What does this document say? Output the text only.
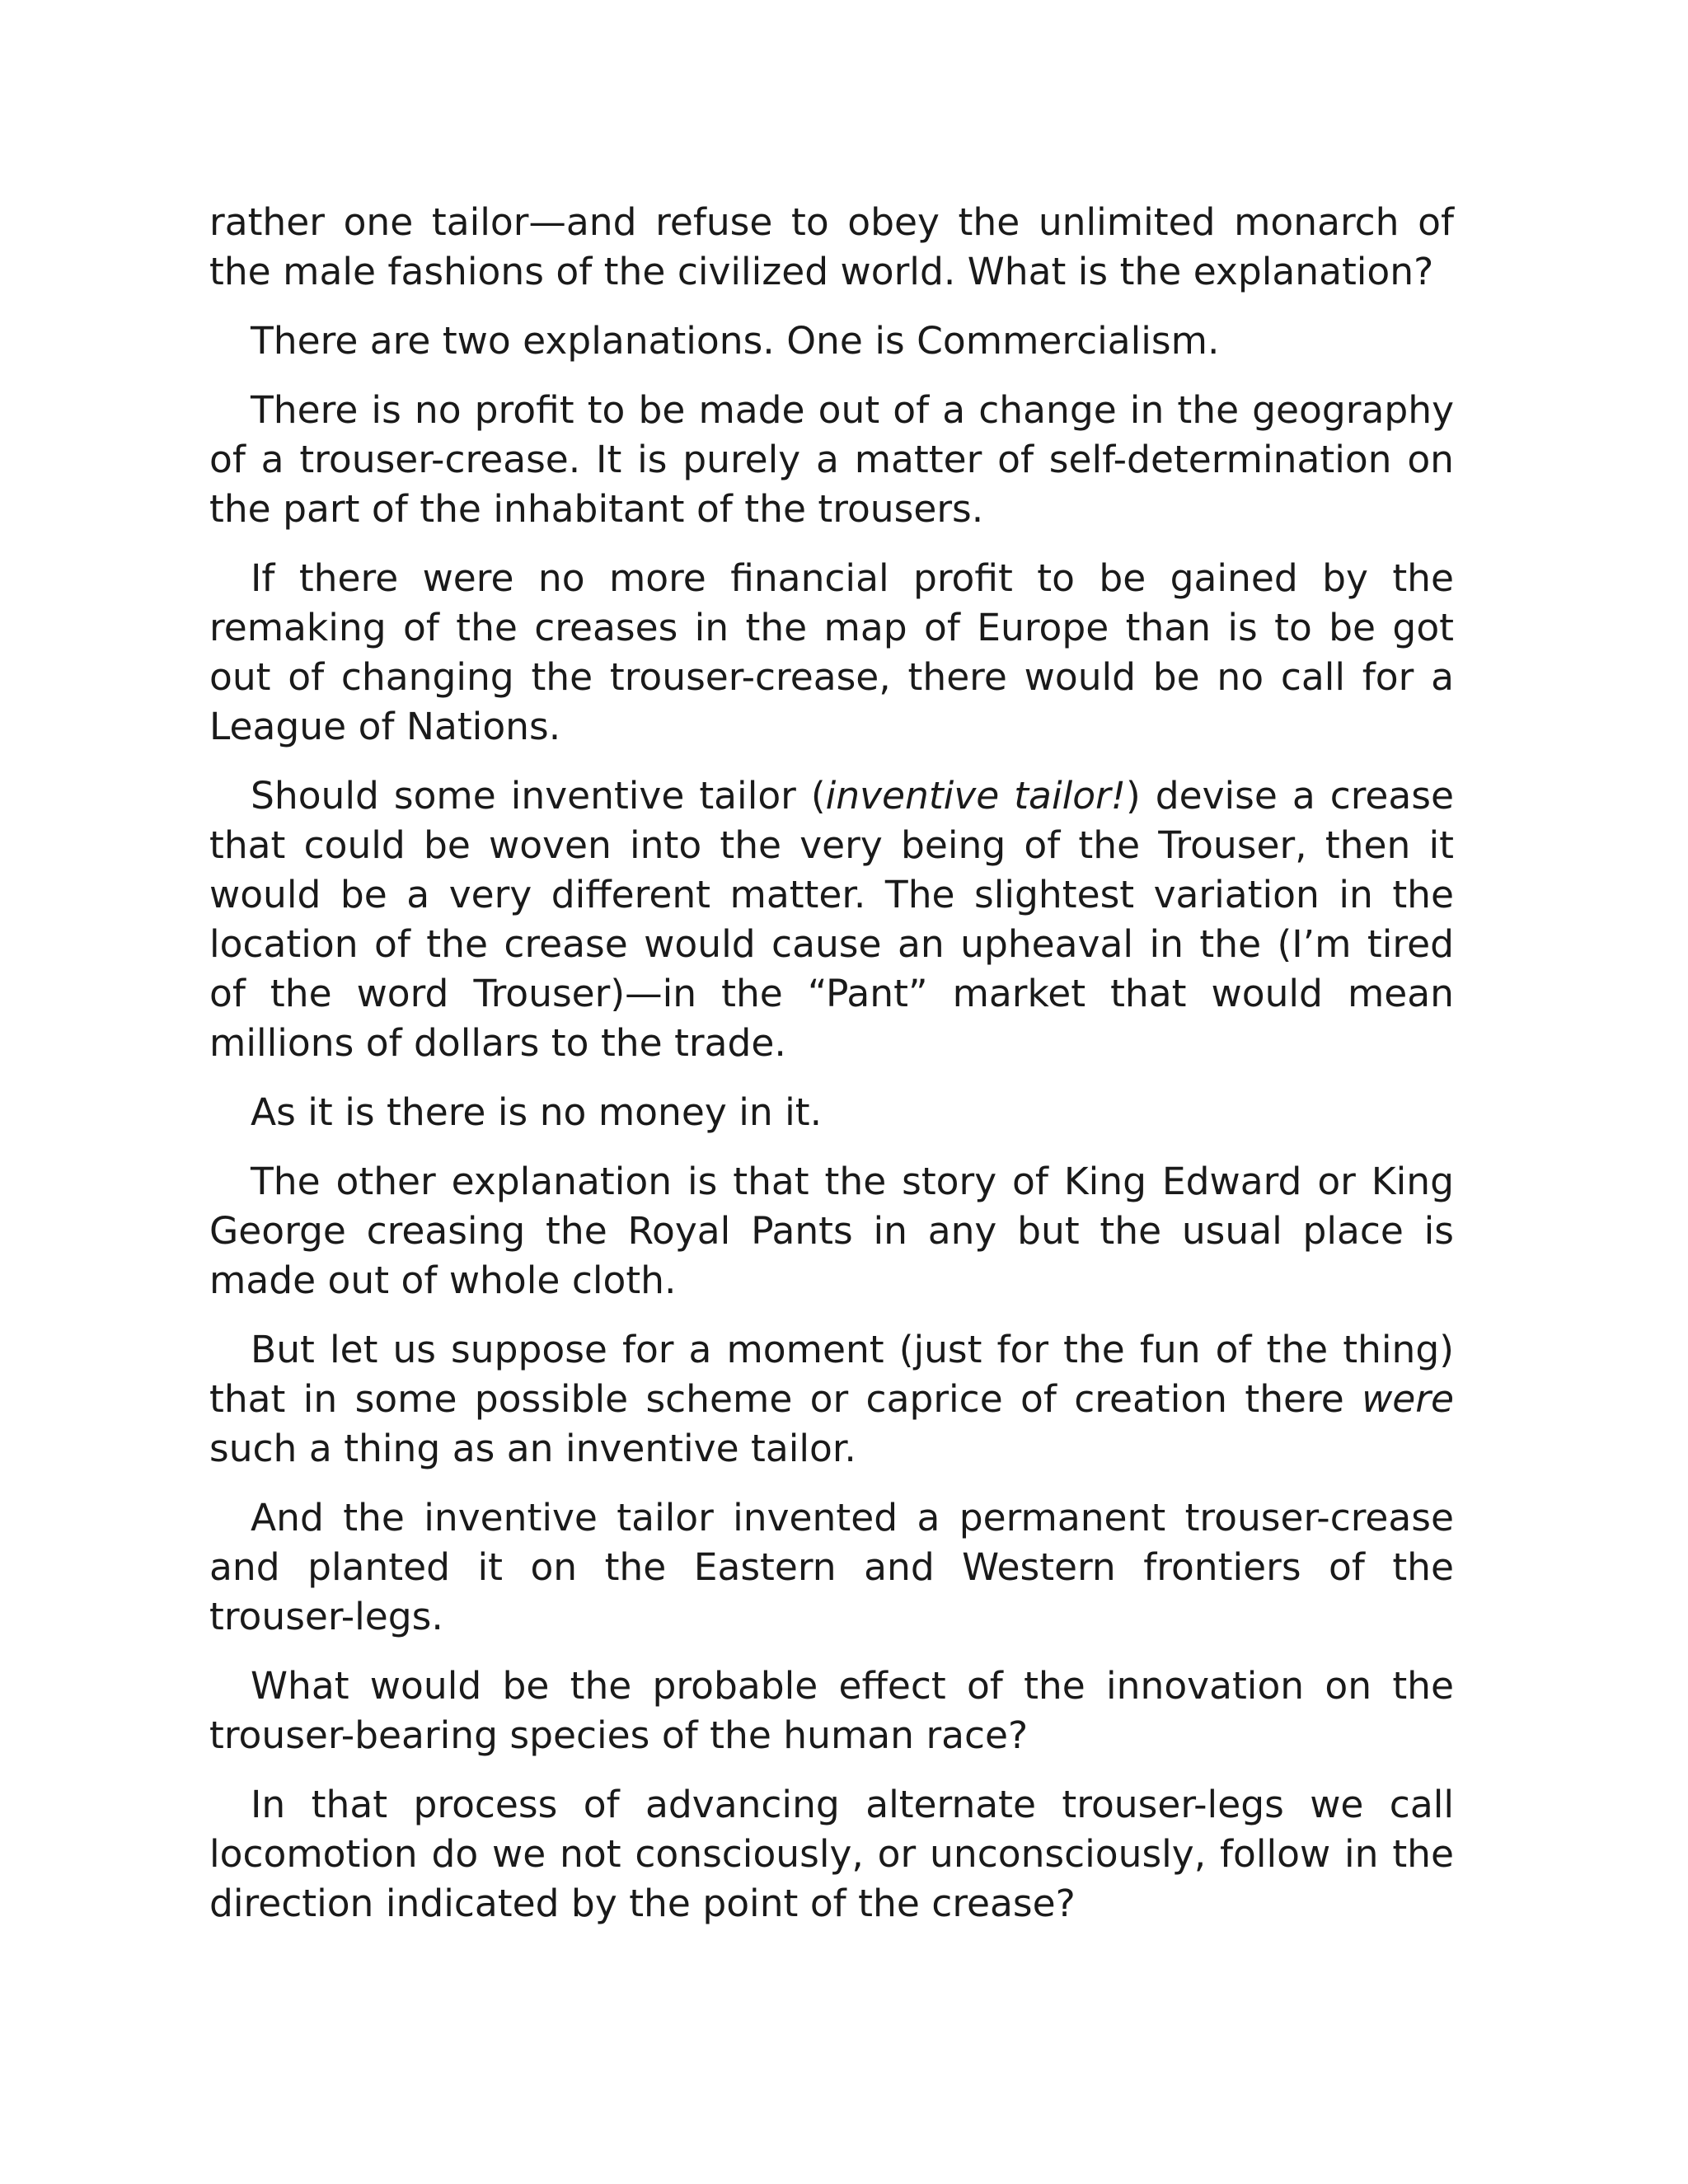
rather one tailor—and refuse to obey the unlimited monarch of the male fashions of the civilized world. What is the explanation?

There are two explanations. One is Commercialism.

There is no profit to be made out of a change in the geography of a trouser-crease. It is purely a matter of self-determination on the part of the inhabitant of the trousers.

If there were no more financial profit to be gained by the remaking of the creases in the map of Europe than is to be got out of changing the trouser-crease, there would be no call for a League of Nations.

Should some inventive tailor (inventive tailor!) devise a crease that could be woven into the very being of the Trouser, then it would be a very different matter. The slightest variation in the location of the crease would cause an upheaval in the (I’m tired of the word Trouser)—in the “Pant” market that would mean millions of dollars to the trade.

As it is there is no money in it.

The other explanation is that the story of King Edward or King George creasing the Royal Pants in any but the usual place is made out of whole cloth.

But let us suppose for a moment (just for the fun of the thing) that in some possible scheme or caprice of creation there were such a thing as an inventive tailor.

And the inventive tailor invented a permanent trouser-crease and planted it on the Eastern and Western frontiers of the trouser-legs.

What would be the probable effect of the innovation on the trouser-bearing species of the human race?

In that process of advancing alternate trouser-legs we call locomotion do we not consciously, or unconsciously, follow in the direction indicated by the point of the crease?
